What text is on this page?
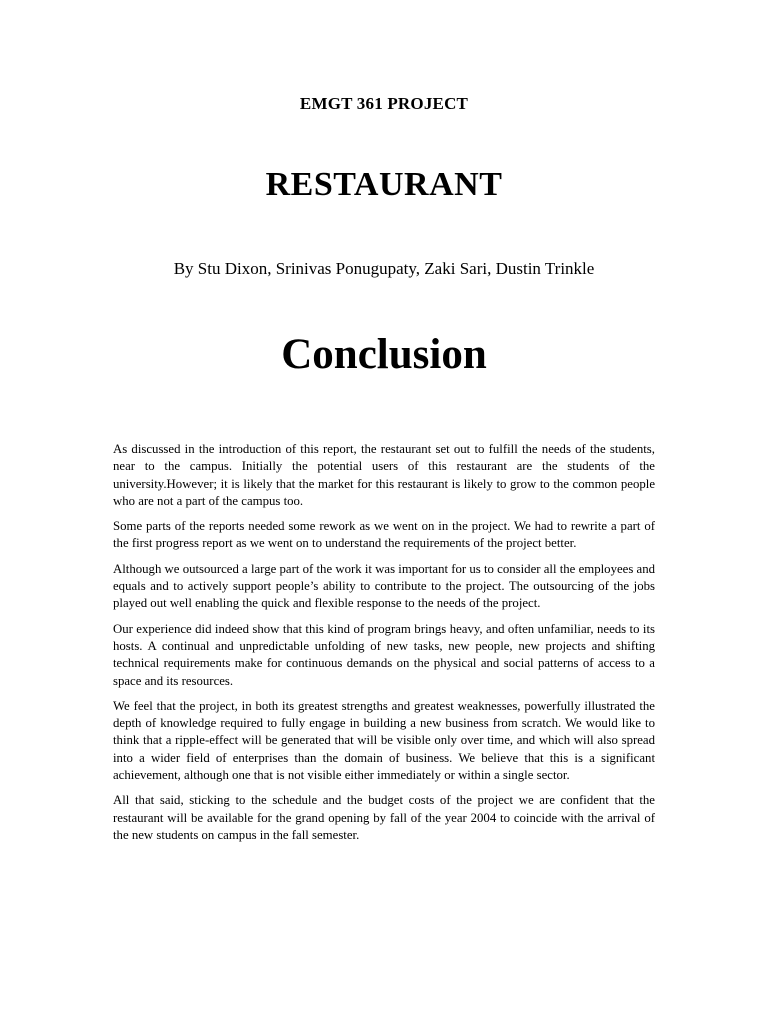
EMGT 361 PROJECT
RESTAURANT
By Stu Dixon, Srinivas Ponugupaty, Zaki Sari, Dustin Trinkle
Conclusion

As discussed in the introduction of this report, the restaurant set out to fulfill the needs of the students, near to the campus. Initially the potential users of this restaurant are the students of the university.However; it is likely that the market for this restaurant is likely to grow to the common people who are not a part of the campus too.

Some parts of the reports needed some rework as we went on in the project. We had to rewrite a part of the first progress report as we went on to understand the requirements of the project better.

Although we outsourced a large part of the work it was important for us to consider all the employees and equals and to actively support people’s ability to contribute to the project. The outsourcing of the jobs played out well enabling the quick and flexible response to the needs of the project.

Our experience did indeed show that this kind of program brings heavy, and often unfamiliar, needs to its hosts. A continual and unpredictable unfolding of new tasks, new people, new projects and shifting technical requirements make for continuous demands on the physical and social patterns of access to a space and its resources.

We feel that the project, in both its greatest strengths and greatest weaknesses, powerfully illustrated the depth of knowledge required to fully engage in building a new business from scratch. We would like to think that a ripple-effect will be generated that will be visible only over time, and which will also spread into a wider field of enterprises than the domain of business. We believe that this is a significant achievement, although one that is not visible either immediately or within a single sector.

All that said, sticking to the schedule and the budget costs of the project we are confident that the restaurant will be available for the grand opening by fall of the year 2004 to coincide with the arrival of the new students on campus in the fall semester.
